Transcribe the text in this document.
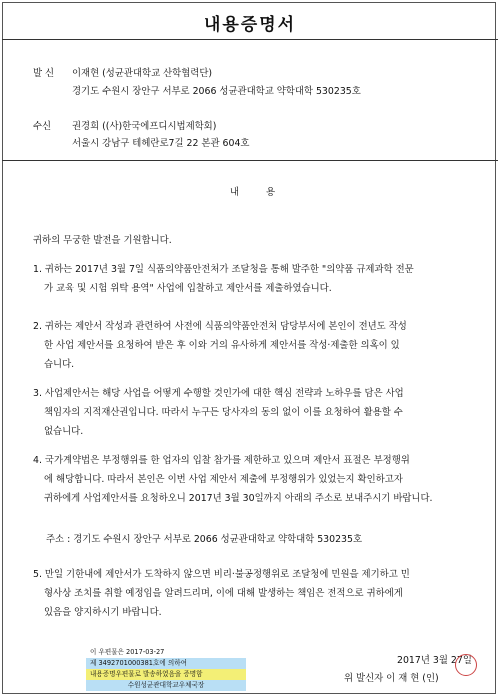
내용증명서
발 신 이재현 (성균관대학교 산학협력단)
경기도 수원시 장안구 서부로 2066 성균관대학교 약학대학 530235호
수신 권경희 ((사)한국에프디시법제학회)
서울시 강남구 테헤란로7길 22 본관 604호
내	용
귀하의 무궁한 발전을 기원합니다.
1. 귀하는 2017년 3월 7일 식품의약품안전처가 조달청을 통해 발주한 "의약품 규제과학 전문
가 교육 및 시험 위탁 용역" 사업에 입찰하고 제안서를 제출하였습니다.
2. 귀하는 제안서 작성과 관련하여 사전에 식품의약품안전처 담당부서에 본인이 전년도 작성
한 사업 제안서를 요청하여 받은 후 이와 거의 유사하게 제안서를 작성·제출한 의혹이 있
습니다.
3. 사업제안서는 해당 사업을 어떻게 수행할 것인가에 대한 핵심 전략과 노하우를 담은 사업
책임자의 지적재산권입니다. 따라서 누구든 당사자의 동의 없이 이를 요청하여 활용할 수
없습니다.
4. 국가계약법은 부정행위를 한 업자의 입찰 참가를 제한하고 있으며 제안서 표절은 부정행위
에 해당합니다. 따라서 본인은 이번 사업 제안서 제출에 부정행위가 있었는지 확인하고자
귀하에게 사업제안서를 요청하오니 2017년 3월 30일까지 아래의 주소로 보내주시기 바랍니다.
주소 : 경기도 수원시 장안구 서부로 2066 성균관대학교 약학대학 530235호
5. 만일 기한내에 제안서가 도착하지 않으면 비리·불공정행위로 조달청에 민원을 제기하고 민
형사상 조치를 취할 예정임을 알려드리며, 이에 대해 발생하는 책임은 전적으로 귀하에게
있음을 양지하시기 바랍니다.
2017년 3월 27일
위 발신자 이 재 현 (인)
이 우편물은 2017-03-27
제 3492701000381호에 의하여
내용증명우편물로 발송하였음을 증명함
수원성균관대학교우체국장
